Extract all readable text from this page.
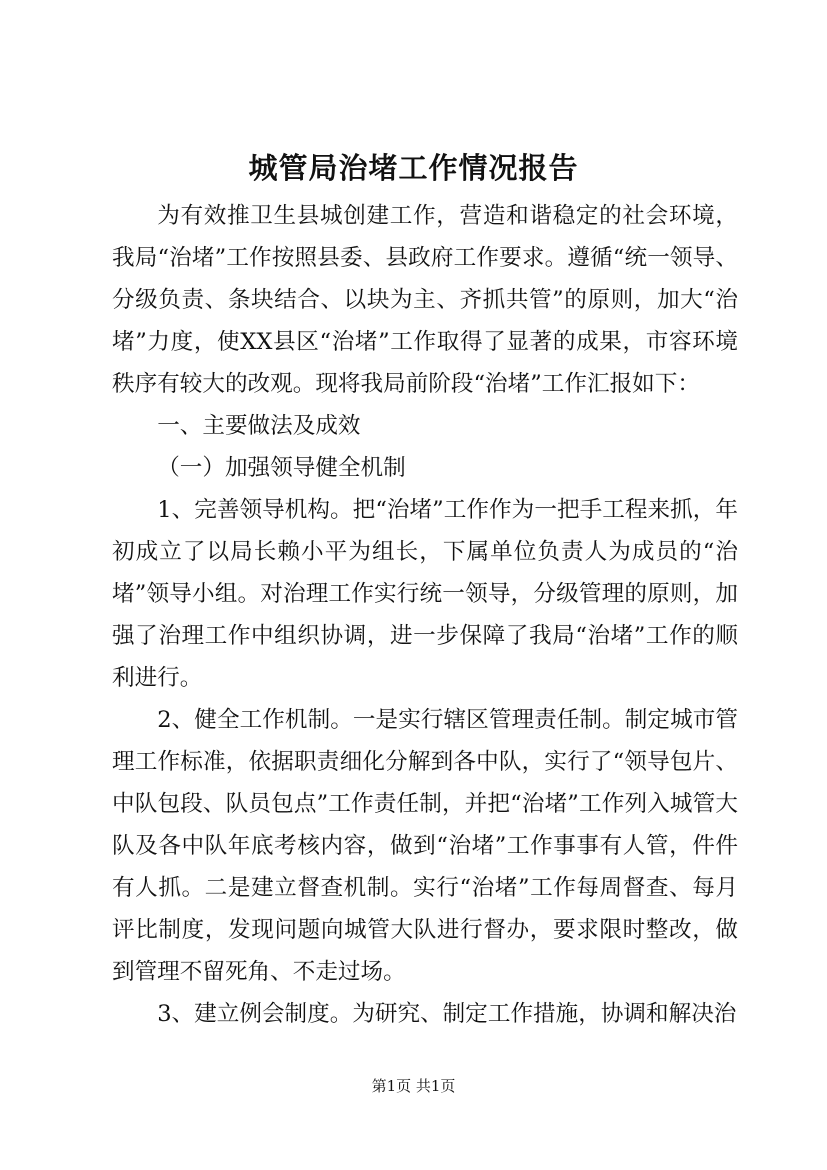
城管局治堵工作情况报告

为有效推卫生县城创建工作，营造和谐稳定的社会环境，我局“治堵”工作按照县委、县政府工作要求。遵循“统一领导、分级负责、条块结合、以块为主、齐抓共管”的原则，加大“治堵”力度，使XX县区“治堵”工作取得了显著的成果，市容环境秩序有较大的改观。现将我局前阶段“治堵”工作汇报如下：

一、主要做法及成效

（一）加强领导健全机制

1、完善领导机构。把“治堵”工作作为一把手工程来抓，年初成立了以局长赖小平为组长，下属单位负责人为成员的“治堵”领导小组。对治理工作实行统一领导，分级管理的原则，加强了治理工作中组织协调，进一步保障了我局“治堵”工作的顺利进行。

2、健全工作机制。一是实行辖区管理责任制。制定城市管理工作标准，依据职责细化分解到各中队，实行了“领导包片、中队包段、队员包点”工作责任制，并把“治堵”工作列入城管大队及各中队年底考核内容，做到“治堵”工作事事有人管，件件有人抓。二是建立督查机制。实行“治堵”工作每周督查、每月评比制度，发现问题向城管大队进行督办，要求限时整改，做到管理不留死角、不走过场。

3、建立例会制度。为研究、制定工作措施，协调和解决治

第1页 共1页
